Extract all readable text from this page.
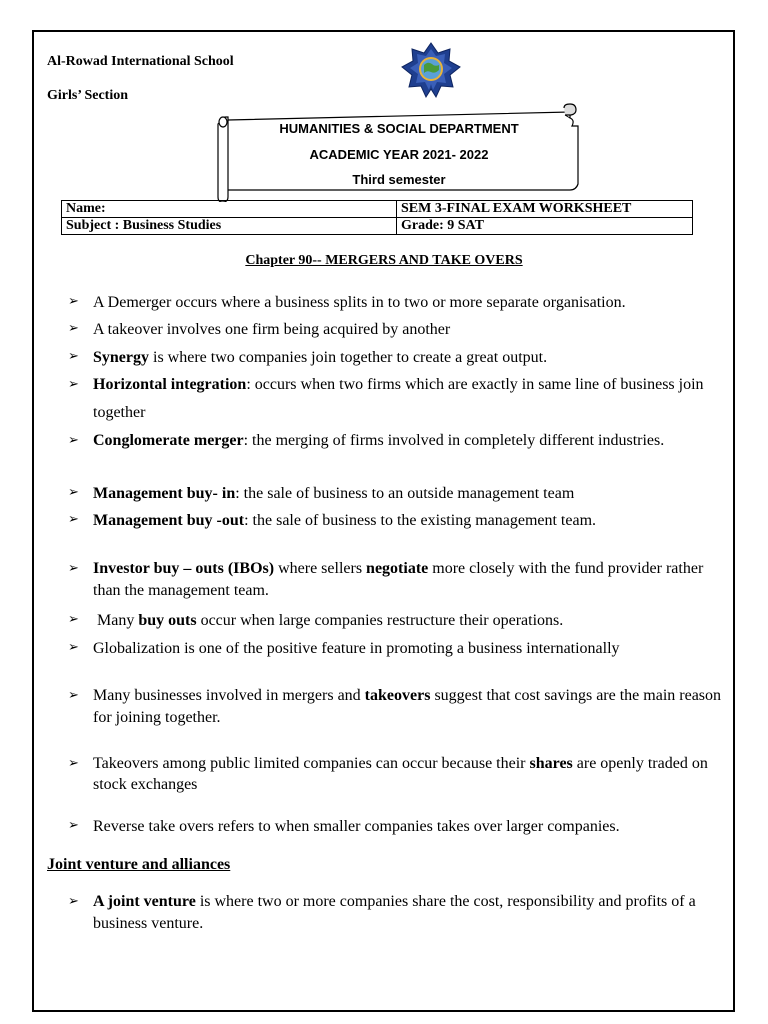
Al-Rowad International School
Girls’ Section
HUMANITIES & SOCIAL DEPARTMENT
ACADEMIC YEAR 2021- 2022
Third semester
Name:	SEM 3-FINAL EXAM WORKSHEET
Subject : Business Studies	Grade: 9 SAT
Chapter 90-- MERGERS AND TAKE OVERS
➢ A Demerger occurs where a business splits in to two or more separate organisation.
➢ A takeover involves one firm being acquired by another
➢ Synergy is where two companies join together to create a great output.
➢ Horizontal integration: occurs when two firms which are exactly in same line of business join together
➢ Conglomerate merger: the merging of firms involved in completely different industries.
➢ Management buy- in: the sale of business to an outside management team
➢ Management buy -out: the sale of business to the existing management team.
➢ Investor buy – outs (IBOs) where sellers negotiate more closely with the fund provider rather than the management team.
➢ Many buy outs occur when large companies restructure their operations.
➢ Globalization is one of the positive feature in promoting a business internationally
➢ Many businesses involved in mergers and takeovers suggest that cost savings are the main reason for joining together.
➢ Takeovers among public limited companies can occur because their shares are openly traded on stock exchanges
➢ Reverse take overs refers to when smaller companies takes over larger companies.
➢ A joint venture is where two or more companies share the cost, responsibility and profits of a business venture.
Joint venture and alliances
